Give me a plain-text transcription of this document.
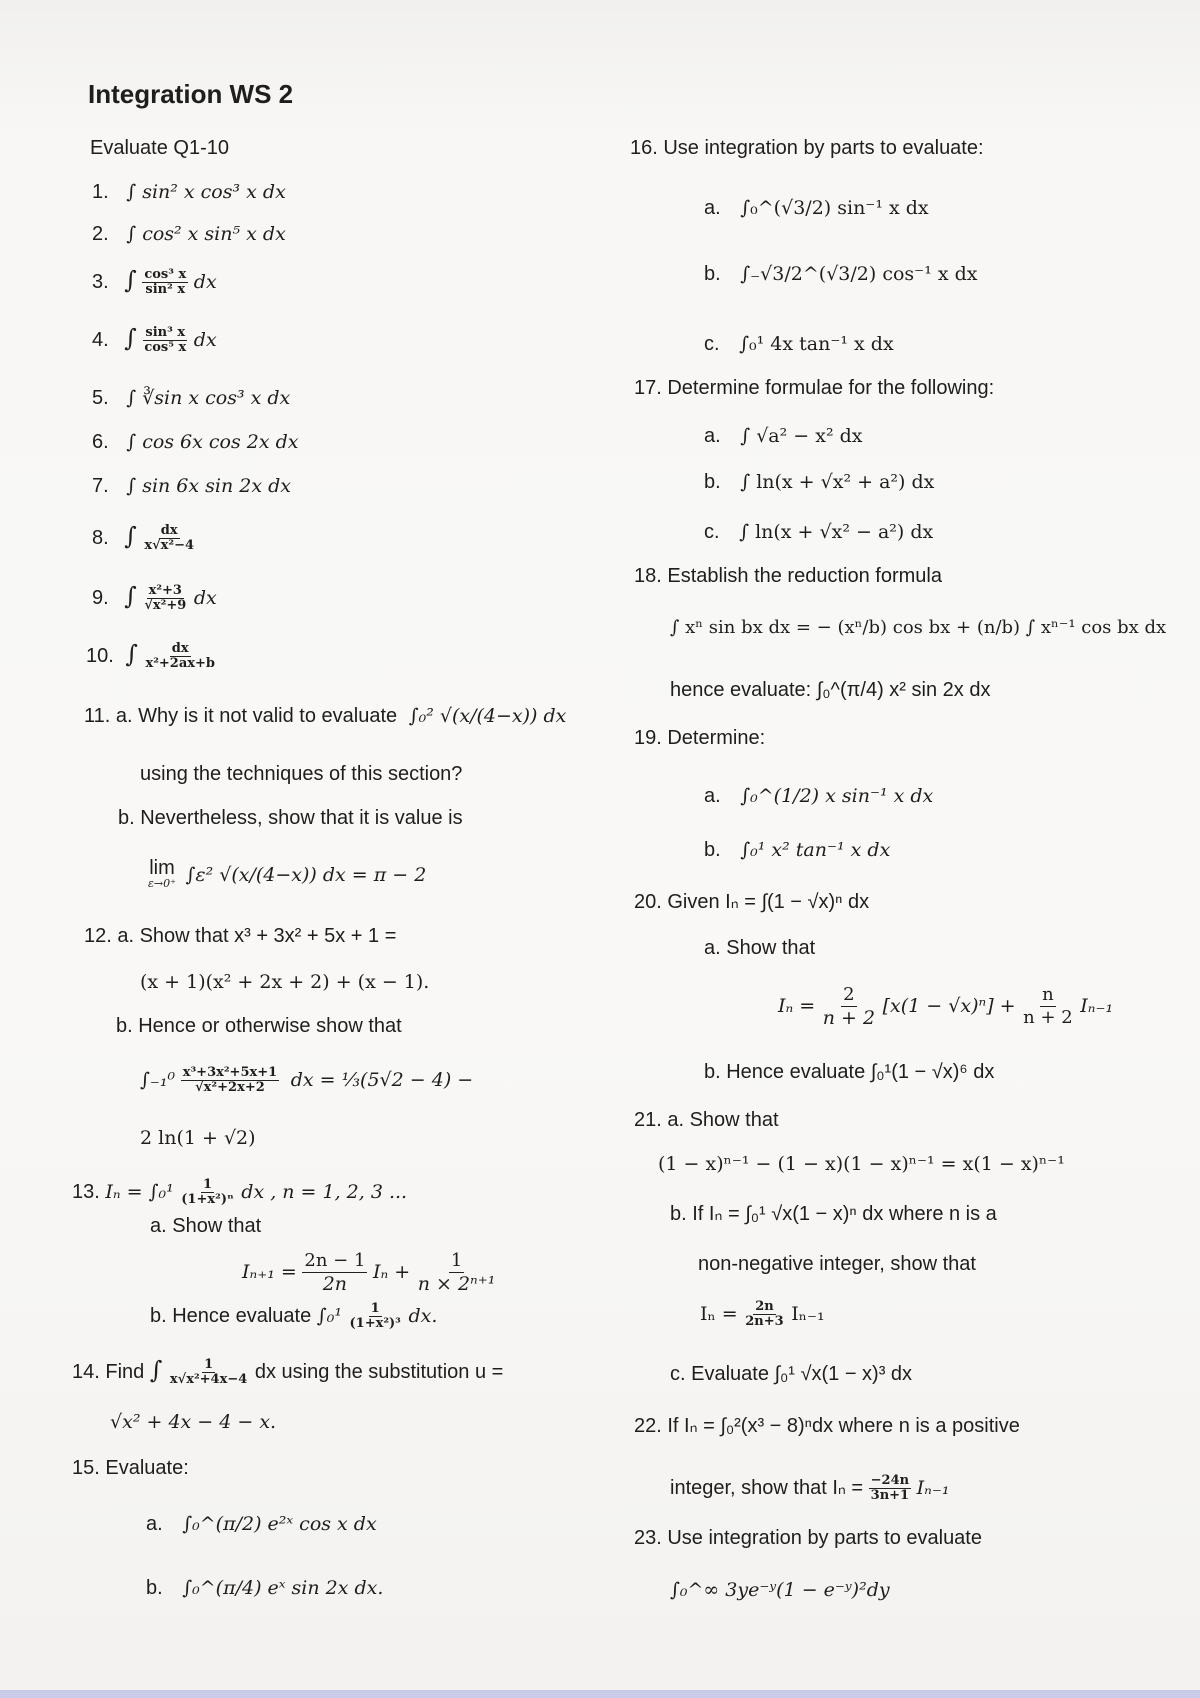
Integration WS 2
Evaluate Q1-10
1. ∫ sin² x cos³ x dx
2. ∫ cos² x sin⁵ x dx
3. ∫ $\frac{\text{cos³ x}}{\text{sin² x}}$ dx
4. ∫ $\frac{\text{sin³ x}}{\text{cos⁵ x}}$ dx
5. ∫ ∛sin x cos³ x dx
6. ∫ cos 6x cos 2x dx
7. ∫ sin 6x sin 2x dx
8. ∫ $\frac{dx}{\text{x√x²−4}}$
9. ∫ $\frac{\text{x²+3}}{\text{√x²+9}}$ dx
10. ∫ $\frac{dx}{\text{x²+2ax+b}}$
11. a. Why is it not valid to evaluate ∫₀² √(x/(4−x)) dx
using the techniques of this section?
b. Nevertheless, show that it is value is
lim
ε→0⁺ ∫ε² √(x/(4−x)) dx = π − 2
12. a. Show that x³ + 3x² + 5x + 1 =
(x + 1)(x² + 2x + 2) + (x − 1).
b. Hence or otherwise show that
$\int_{-1}^0 \frac{\text{x³+3x²+5x+1}}{\text{√x²+2x+2}}$ dx = ⅓(5√2 − 4) −
2 ln(1 + √2)
13. $I_n = \int_0^1 \frac{1}{\text{(1+x²)ⁿ}}$ dx , n = 1, 2, 3 ...
a. Show that
$I_{n+1} = \frac{2n - 1}{2n}$ $I_n + \frac{1}{\text{n × 2ⁿ⁺¹}}$
b. Hence evaluate $\int_0^1 \frac{1}{\text{(1+x²)³}}$ dx.
14. Find ∫ $\frac{1}{\text{x√x²+4x−4}}$ dx using the substitution u =
√x² + 4x − 4 − x.
15. Evaluate:
a. ∫₀^(π/2) e²ˣ cos x dx
b. ∫₀^(π/4) eˣ sin 2x dx.
16. Use integration by parts to evaluate:
a. ∫₀^(√3/2) sin⁻¹ x dx
b. ∫₋√3/2^(√3/2) cos⁻¹ x dx
c. ∫₀¹ 4x tan⁻¹ x dx
17. Determine formulae for the following:
a. ∫ √a² − x² dx
b. ∫ ln(x + √x² + a²) dx
c. ∫ ln(x + √x² − a²) dx
18. Establish the reduction formula
∫ xⁿ sin bx dx = − (xⁿ/b) cos bx + (n/b) ∫ xⁿ⁻¹ cos bx dx
hence evaluate: ∫₀^(π/4) x² sin 2x dx
19. Determine:
a. ∫₀^(1/2) x sin⁻¹ x dx
b. ∫₀¹ x² tan⁻¹ x dx
20. Given Iₙ = ∫(1 − √x)ⁿ dx
a. Show that
$I_n = \frac{2}{n + 2} [x(1 - √x)^n] + \frac{n}{n + 2} I_{n-1}$
b. Hence evaluate ∫₀¹(1 − √x)⁶ dx
21. a. Show that
(1 − x)ⁿ⁻¹ − (1 − x)(1 − x)ⁿ⁻¹ = x(1 − x)ⁿ⁻¹
b. If Iₙ = ∫₀¹ √x(1 − x)ⁿ dx where n is a
non-negative integer, show that
$I_n = \frac{2n}{2n+3} I_{n-1}$
c. Evaluate ∫₀¹ √x(1 − x)³ dx
22. If Iₙ = ∫₀²(x³ − 8)ⁿdx where n is a positive
integer, show that $I_n = \frac{-24n}{3n+1} I_{n-1}$
23. Use integration by parts to evaluate
∫₀^∞ 3ye⁻ʸ(1 − e⁻ʸ)²dy
